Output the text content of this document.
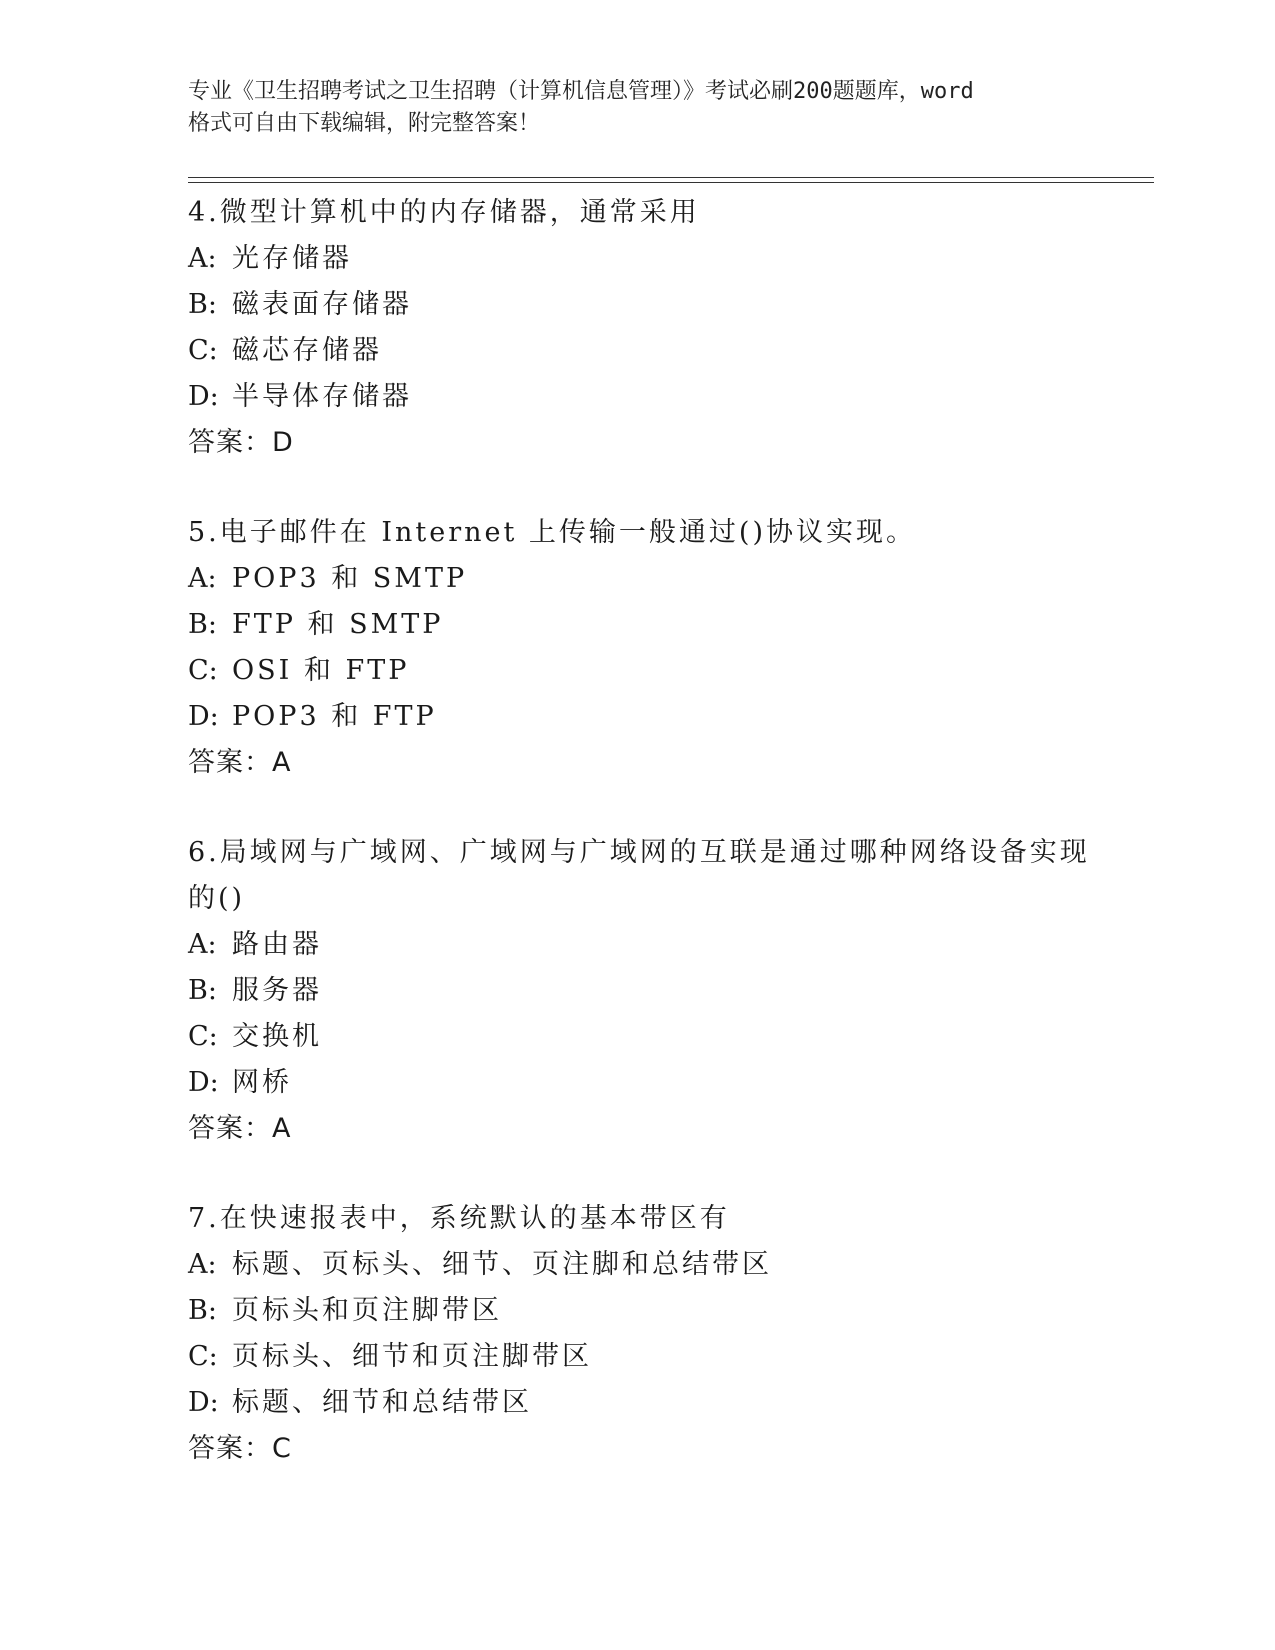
专业《卫生招聘考试之卫生招聘（计算机信息管理）》考试必刷200题题库，word

格式可自由下载编辑，附完整答案！

4.微型计算机中的内存储器，通常采用
A: 光存储器
B: 磁表面存储器
C: 磁芯存储器
D: 半导体存储器
答案：D
5.电子邮件在 Internet 上传输一般通过()协议实现。
A: POP3 和 SMTP
B: FTP 和 SMTP
C: OSI 和 FTP
D: POP3 和 FTP
答案：A
6.局域网与广域网、广域网与广域网的互联是通过哪种网络设备实现
的()
A: 路由器
B: 服务器
C: 交换机
D: 网桥
答案：A
7.在快速报表中，系统默认的基本带区有
A: 标题、页标头、细节、页注脚和总结带区
B: 页标头和页注脚带区
C: 页标头、细节和页注脚带区
D: 标题、细节和总结带区
答案：C
